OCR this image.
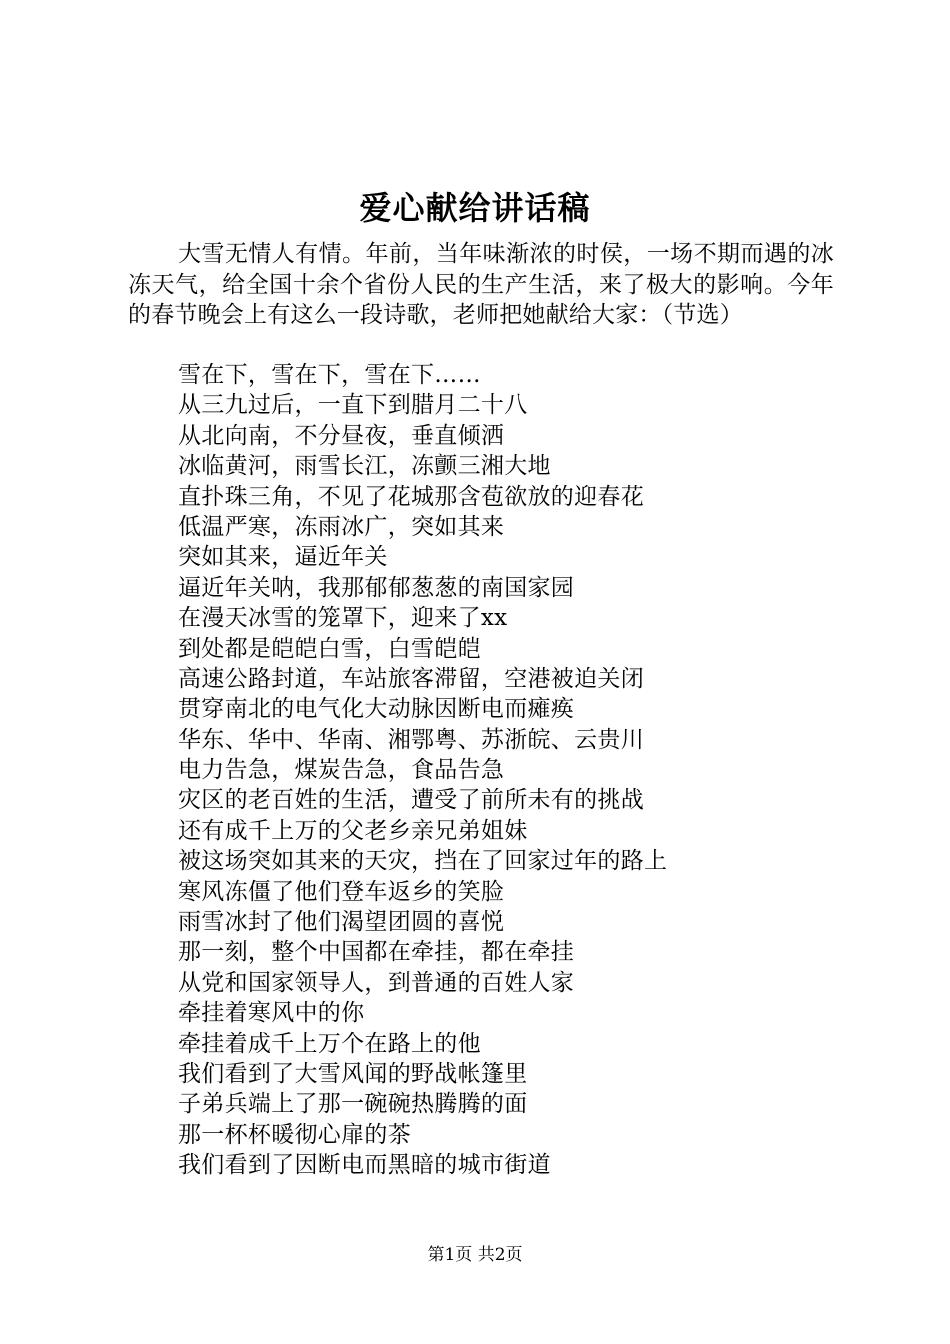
爱心献给讲话稿

大雪无情人有情。年前，当年味渐浓的时侯，一场不期而遇的冰冻天气，给全国十余个省份人民的生产生活，来了极大的影响。今年的春节晚会上有这么一段诗歌，老师把她献给大家：（节选）

雪在下，雪在下，雪在下……
从三九过后，一直下到腊月二十八
从北向南，不分昼夜，垂直倾洒
冰临黄河，雨雪长江，冻颤三湘大地
直扑珠三角，不见了花城那含苞欲放的迎春花
低温严寒，冻雨冰广，突如其来
突如其来，逼近年关
逼近年关呐，我那郁郁葱葱的南国家园
在漫天冰雪的笼罩下，迎来了xx
到处都是皑皑白雪，白雪皑皑
高速公路封道，车站旅客滞留，空港被迫关闭
贯穿南北的电气化大动脉因断电而瘫痪
华东、华中、华南、湘鄂粤、苏浙皖、云贵川
电力告急，煤炭告急，食品告急
灾区的老百姓的生活，遭受了前所未有的挑战
还有成千上万的父老乡亲兄弟姐妹
被这场突如其来的天灾，挡在了回家过年的路上
寒风冻僵了他们登车返乡的笑脸
雨雪冰封了他们渴望团圆的喜悦
那一刻，整个中国都在牵挂，都在牵挂
从党和国家领导人，到普通的百姓人家
牵挂着寒风中的你
牵挂着成千上万个在路上的他
我们看到了大雪风闻的野战帐篷里
子弟兵端上了那一碗碗热腾腾的面
那一杯杯暖彻心扉的茶
我们看到了因断电而黑暗的城市街道
第1页 共2页
